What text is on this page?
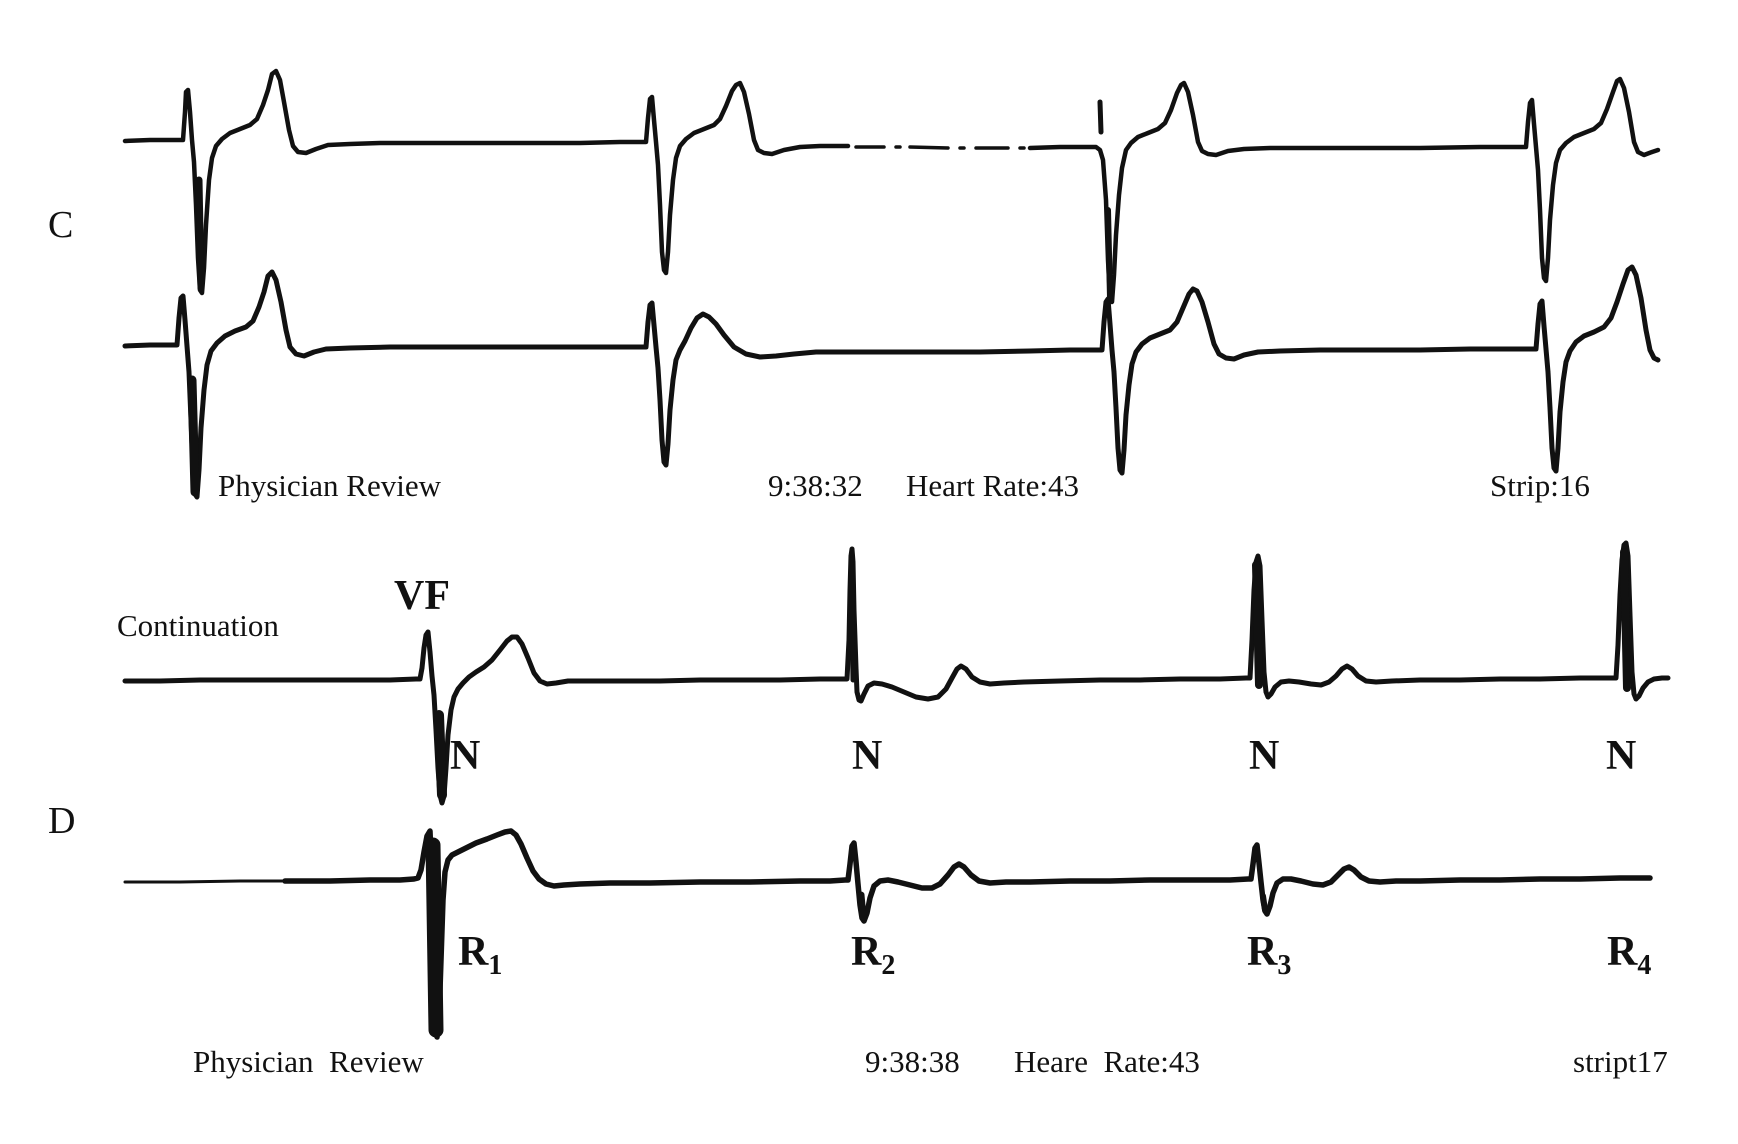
C
Physician Review	9:38:32 Heart Rate:43	Strip:16
Continuation
VF
N	N	N	N
D
$R_1$	$R_2$	$R_3$	$R_4$
Physician  Review	9:38:38 Heare  Rate:43	stript17
